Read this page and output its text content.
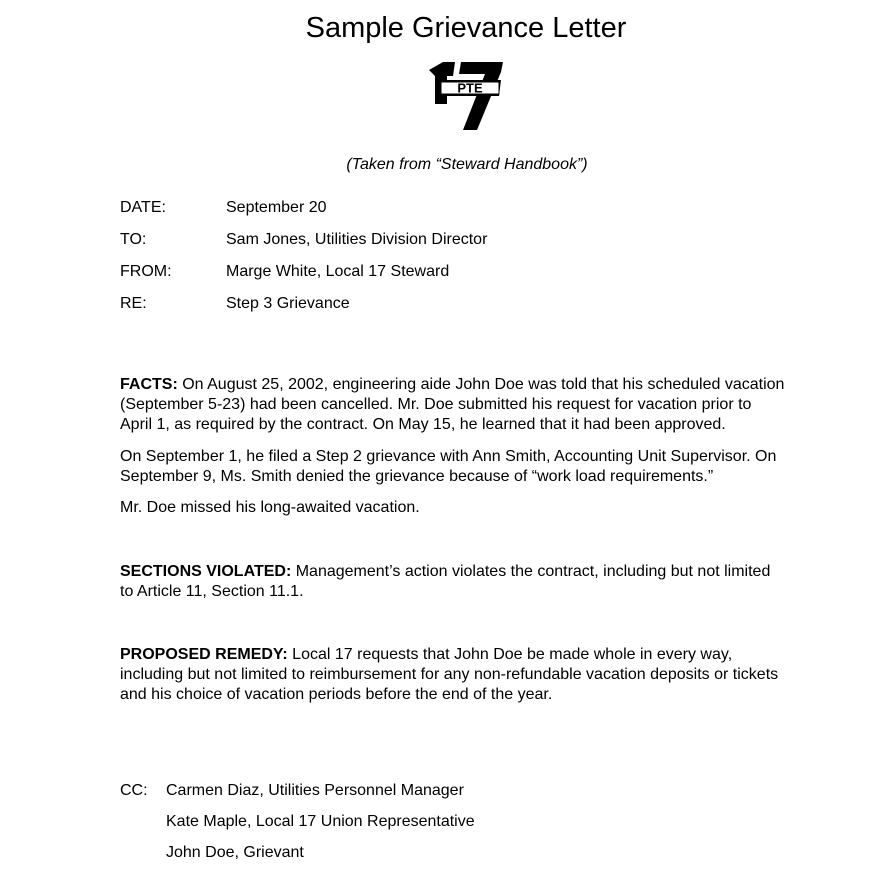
Sample Grievance Letter
PTE
(Taken from “Steward Handbook”)
DATE:	September 20
TO:	Sam Jones, Utilities Division Director
FROM:	Marge White, Local 17 Steward
RE:	Step 3 Grievance
FACTS: On August 25, 2002, engineering aide John Doe was told that his scheduled vacation
(September 5-23) had been cancelled. Mr. Doe submitted his request for vacation prior to
April 1, as required by the contract. On May 15, he learned that it had been approved.
On September 1, he filed a Step 2 grievance with Ann Smith, Accounting Unit Supervisor. On
September 9, Ms. Smith denied the grievance because of “work load requirements.”
Mr. Doe missed his long-awaited vacation.
SECTIONS VIOLATED: Management’s action violates the contract, including but not limited
to Article 11, Section 11.1.
PROPOSED REMEDY: Local 17 requests that John Doe be made whole in every way,
including but not limited to reimbursement for any non-refundable vacation deposits or tickets
and his choice of vacation periods before the end of the year.
CC: Carmen Diaz, Utilities Personnel Manager
Kate Maple, Local 17 Union Representative
John Doe, Grievant
